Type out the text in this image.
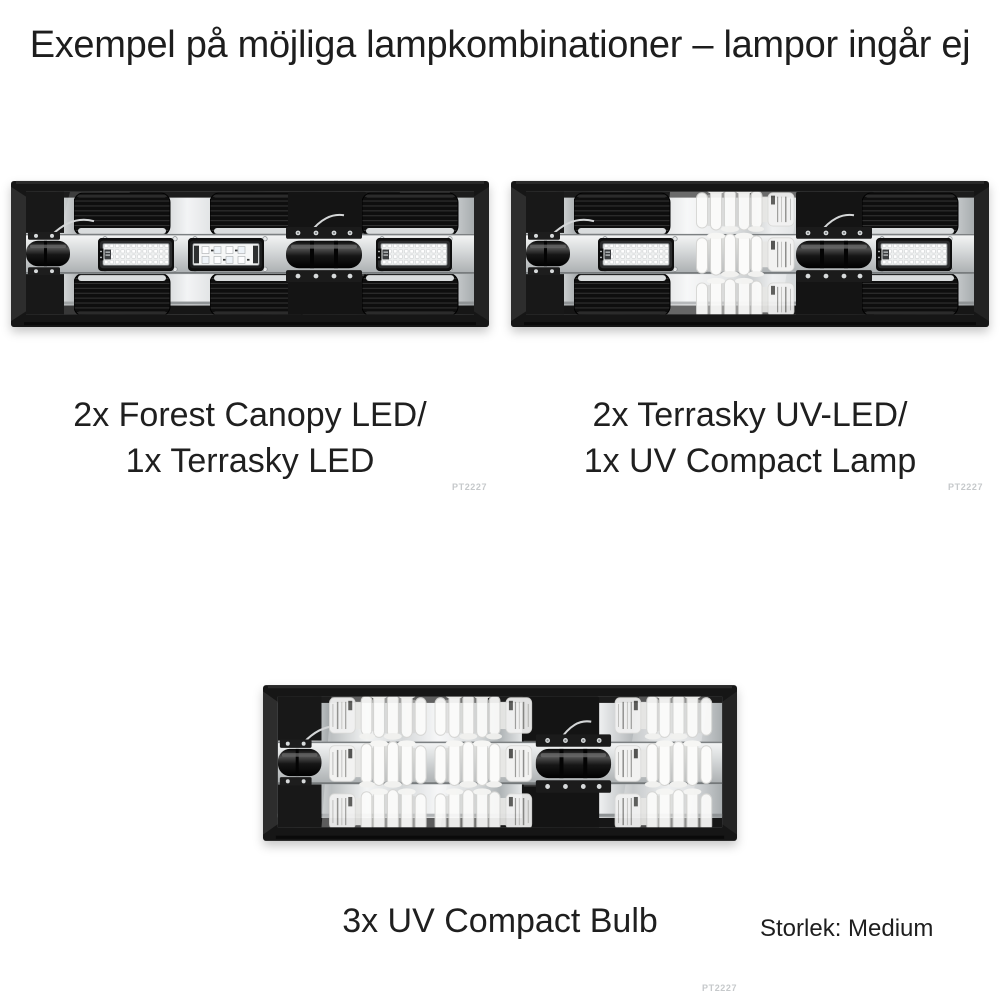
Exempel på möjliga lampkombinationer – lampor ingår ej
2x Forest Canopy LED/
1x Terrasky LED
2x Terrasky UV-LED/
1x UV Compact Lamp
PT2227	PT2227
3x UV Compact Bulb	Storlek: Medium
PT2227
